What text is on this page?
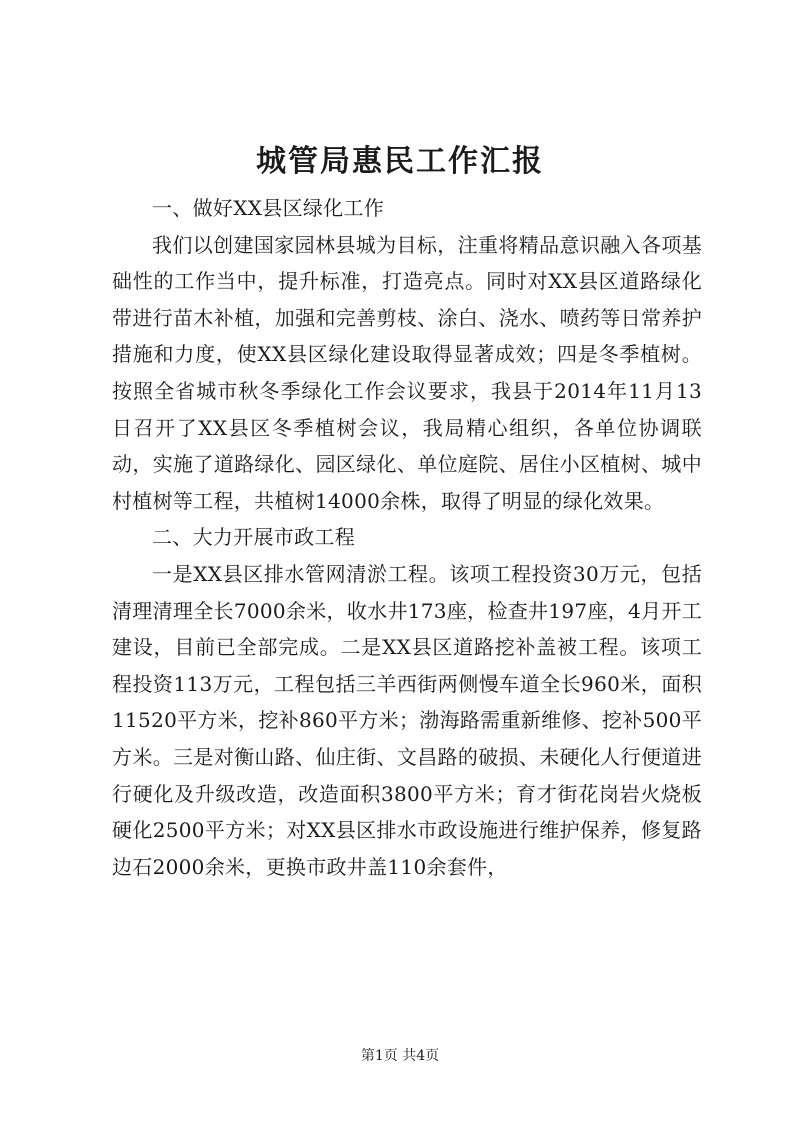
城管局惠民工作汇报

一、做好XX县区绿化工作

我们以创建国家园林县城为目标，注重将精品意识融入各项基础性的工作当中，提升标准，打造亮点。同时对XX县区道路绿化带进行苗木补植，加强和完善剪枝、涂白、浇水、喷药等日常养护措施和力度，使XX县区绿化建设取得显著成效；四是冬季植树。按照全省城市秋冬季绿化工作会议要求，我县于2014年11月13日召开了XX县区冬季植树会议，我局精心组织，各单位协调联动，实施了道路绿化、园区绿化、单位庭院、居住小区植树、城中村植树等工程，共植树14000余株，取得了明显的绿化效果。

二、大力开展市政工程

一是XX县区排水管网清淤工程。该项工程投资30万元，包括清理清理全长7000余米，收水井173座，检查井197座，4月开工建设，目前已全部完成。二是XX县区道路挖补盖被工程。该项工程投资113万元，工程包括三羊西街两侧慢车道全长960米，面积11520平方米，挖补860平方米；渤海路需重新维修、挖补500平方米。三是对衡山路、仙庄街、文昌路的破损、未硬化人行便道进行硬化及升级改造，改造面积3800平方米；育才街花岗岩火烧板硬化2500平方米；对XX县区排水市政设施进行维护保养，修复路边石2000余米，更换市政井盖110余套件，

第1页 共4页
